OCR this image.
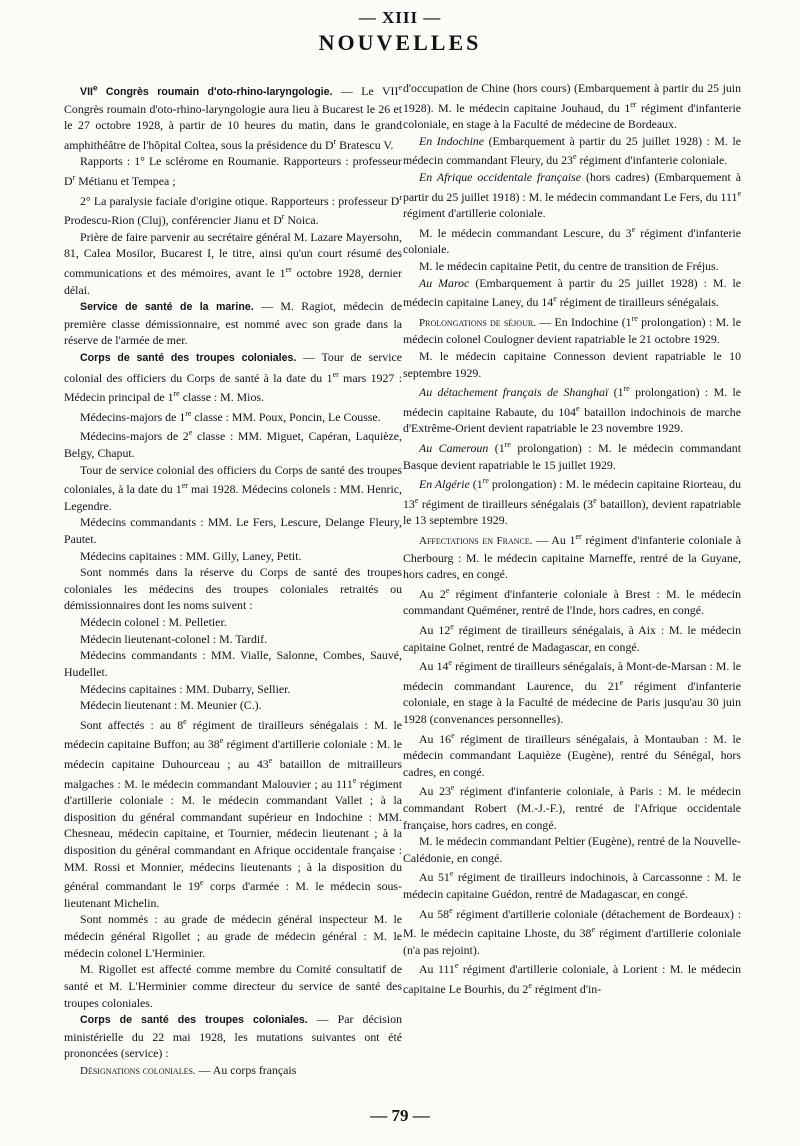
— XIII —
NOUVELLES

VIIe Congrès roumain d'oto-rhino-laryngologie. — Le VIIe Congrès roumain d'oto-rhino-laryngologie aura lieu à Bucarest le 26 et le 27 octobre 1928, à partir de 10 heures du matin, dans le grand amphithéâtre de l'hôpital Coltea, sous la présidence du $D^r$ Bratescu V.

Rapports : 1° Le sclérome en Roumanie. Rapporteurs : professeur $D^r$ Métianu et Tempea ;

2° La paralysie faciale d'origine otique. Rapporteurs : professeur $D^r$ Prodescu-Rion (Cluj), conférencier Jianu et $D^r$ Noica.

Prière de faire parvenir au secrétaire général M. Lazare Mayersohn, 81, Calea Mosilor, Bucarest I, le titre, ainsi qu'un court résumé des communications et des mémoires, avant le 1er octobre 1928, dernier délai.

Service de santé de la marine. — M. Ragiot, médecin de première classe démissionnaire, est nommé avec son grade dans la réserve de l'armée de mer.

Corps de santé des troupes coloniales. — Tour de service colonial des officiers du Corps de santé à la date du 1er mars 1927 : Médecin principal de 1re classe : M. Mios.

Médecins-majors de 1re classe : MM. Poux, Poncin, Le Cousse.

Médecins-majors de 2e classe : MM. Miguet, Capéran, Laquièze, Belgy, Chaput.

Tour de service colonial des officiers du Corps de santé des troupes coloniales, à la date du 1er mai 1928. Médecins colonels : MM. Henric, Legendre.

Médecins commandants : MM. Le Fers, Lescure, Delange Fleury, Pautet.

Médecins capitaines : MM. Gilly, Laney, Petit.

Sont nommés dans la réserve du Corps de santé des troupes coloniales les médecins des troupes coloniales retraités ou démissionnaires dont les noms suivent :

Médecin colonel : M. Pelletier.

Médecin lieutenant-colonel : M. Tardif.

Médecins commandants : MM. Vialle, Salonne, Combes, Sauvé, Hudellet.

Médecins capitaines : MM. Dubarry, Sellier.

Médecin lieutenant : M. Meunier (C.).

Sont affectés : au 8e régiment de tirailleurs sénégalais : M. le médecin capitaine Buffon; au 38e régiment d'artillerie coloniale : M. le médecin capitaine Duhourceau ; au 43e bataillon de mitrailleurs malgaches : M. le médecin commandant Malouvier ; au 111e régiment d'artillerie coloniale : M. le médecin commandant Vallet ; à la disposition du général commandant supérieur en Indochine : MM. Chesneau, médecin capitaine, et Tournier, médecin lieutenant ; à la disposition du général commandant en Afrique occidentale française : MM. Rossi et Monnier, médecins lieutenants ; à la disposition du général commandant le 19e corps d'armée : M. le médecin sous-lieutenant Michelin.

Sont nommés : au grade de médecin général inspecteur M. le médecin général Rigollet ; au grade de médecin général : M. le médecin colonel L'Herminier.

M. Rigollet est affecté comme membre du Comité consultatif de santé et M. L'Herminier comme directeur du service de santé des troupes coloniales.

Corps de santé des troupes coloniales. — Par décision ministérielle du 22 mai 1928, les mutations suivantes ont été prononcées (service) :

Désignations coloniales. — Au corps français

d'occupation de Chine (hors cours) (Embarquement à partir du 25 juin 1928). M. le médecin capitaine Jouhaud, du 1er régiment d'infanterie coloniale, en stage à la Faculté de médecine de Bordeaux.

En Indochine (Embarquement à partir du 25 juillet 1928) : M. le médecin commandant Fleury, du 23e régiment d'infanterie coloniale.

En Afrique occidentale française (hors cadres) (Embarquement à partir du 25 juillet 1918) : M. le médecin commandant Le Fers, du 111e régiment d'artillerie coloniale.

M. le médecin commandant Lescure, du 3e régiment d'infanterie coloniale.

M. le médecin capitaine Petit, du centre de transition de Fréjus.

Au Maroc (Embarquement à partir du 25 juillet 1928) : M. le médecin capitaine Laney, du 14e régiment de tirailleurs sénégalais.

Prolongations de séjour. — En Indochine (1re prolongation) : M. le médecin colonel Coulogner devient rapatriable le 21 octobre 1929.

M. le médecin capitaine Connesson devient rapatriable le 10 septembre 1929.

Au détachement français de Shanghaï (1re prolongation) : M. le médecin capitaine Rabaute, du 104e bataillon indochinois de marche d'Extrême-Orient devient rapatriable le 23 novembre 1929.

Au Cameroun (1re prolongation) : M. le médecin commandant Basque devient rapatriable le 15 juillet 1929.

En Algérie (1re prolongation) : M. le médecin capitaine Riorteau, du 13e régiment de tirailleurs sénégalais (3e bataillon), devient rapatriable le 13 septembre 1929.

Affectations en France. — Au 1er régiment d'infanterie coloniale à Cherbourg : M. le médecin capitaine Marneffe, rentré de la Guyane, hors cadres, en congé.

Au 2e régiment d'infanterie coloniale à Brest : M. le médecin commandant Quéméner, rentré de l'Inde, hors cadres, en congé.

Au 12e régiment de tirailleurs sénégalais, à Aix : M. le médecin capitaine Golnet, rentré de Madagascar, en congé.

Au 14e régiment de tirailleurs sénégalais, à Mont-de-Marsan : M. le médecin commandant Laurence, du 21e régiment d'infanterie coloniale, en stage à la Faculté de médecine de Paris jusqu'au 30 juin 1928 (convenances personnelles).

Au 16e régiment de tirailleurs sénégalais, à Montauban : M. le médecin commandant Laquièze (Eugène), rentré du Sénégal, hors cadres, en congé.

Au 23e régiment d'infanterie coloniale, à Paris : M. le médecin commandant Robert (M.-J.-F.), rentré de l'Afrique occidentale française, hors cadres, en congé.

M. le médecin commandant Peltier (Eugène), rentré de la Nouvelle-Calédonie, en congé.

Au 51e régiment de tirailleurs indochinois, à Carcassonne : M. le médecin capitaine Guédon, rentré de Madagascar, en congé.

Au 58e régiment d'artillerie coloniale (détachement de Bordeaux) : M. le médecin capitaine Lhoste, du 38e régiment d'artillerie coloniale (n'a pas rejoint).

Au 111e régiment d'artillerie coloniale, à Lorient : M. le médecin capitaine Le Bourhis, du 2e régiment d'in-

— 79 —
